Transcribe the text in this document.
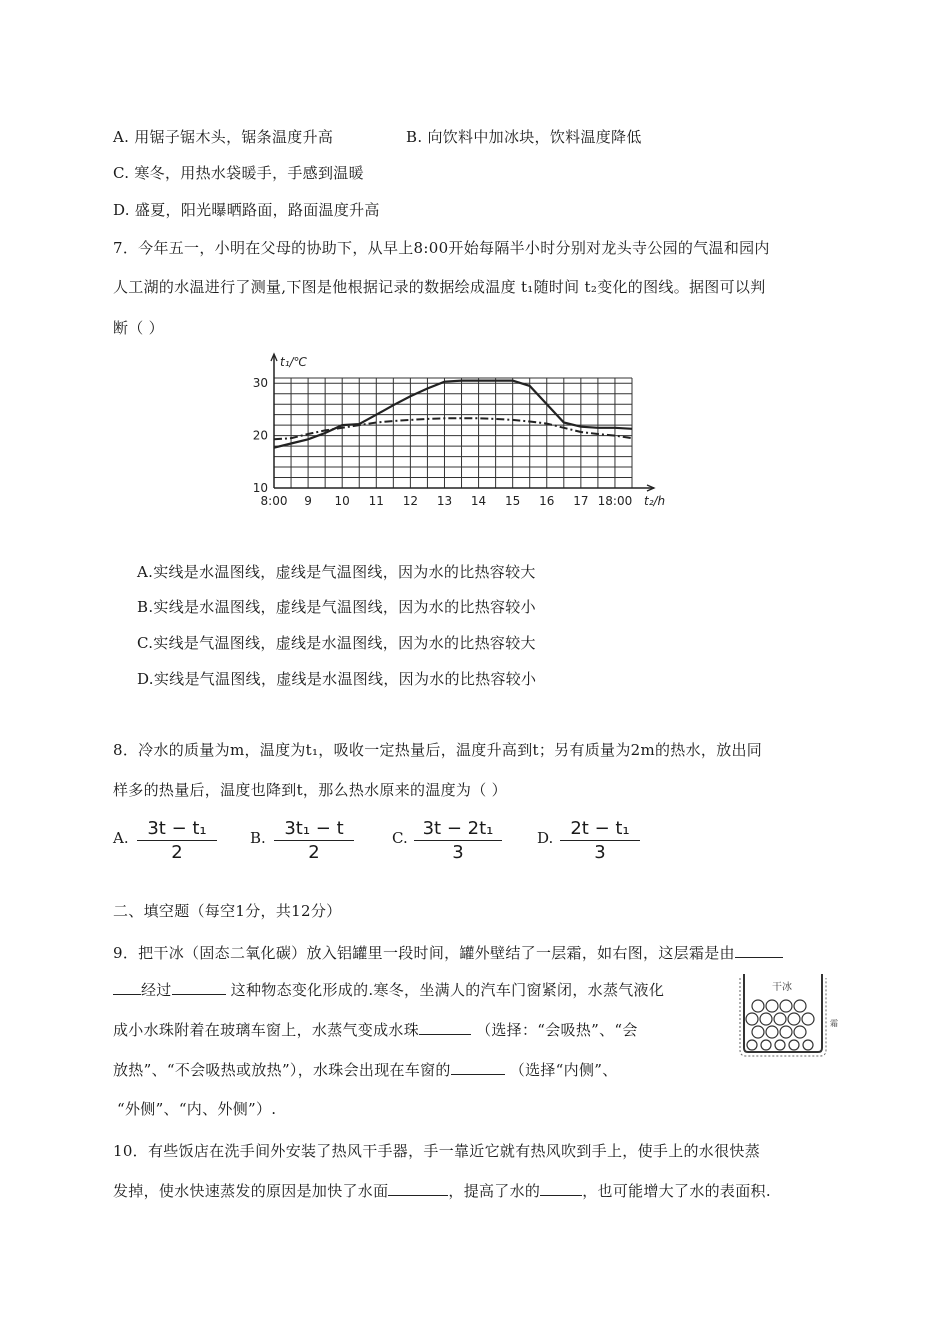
A. 用锯子锯木头，锯条温度升高	B. 向饮料中加冰块，饮料温度降低
C. 寒冬，用热水袋暖手，手感到温暖
D. 盛夏，阳光曝晒路面，路面温度升高
7．今年五一，小明在父母的协助下，从早上8:00开始每隔半小时分别对龙头寺公园的气温和园内
人工湖的水温进行了测量,下图是他根据记录的数据绘成温度 t₁随时间 t₂变化的图线。据图可以判
断（ ）
8:00 9 10 11 12 13 14 15 16 17 18:00
10
20
30
t₁/℃
t₂/h
A.实线是水温图线，虚线是气温图线，因为水的比热容较大
B.实线是水温图线，虚线是气温图线，因为水的比热容较小
C.实线是气温图线，虚线是水温图线，因为水的比热容较大
D.实线是气温图线，虚线是水温图线，因为水的比热容较小
8．冷水的质量为m，温度为t₁，吸收一定热量后，温度升高到t；另有质量为2m的热水，放出同
样多的热量后，温度也降到t，那么热水原来的温度为（ ）
A. $\frac{\text{3t − t₁}}{2} B$. $\frac{\text{3t₁ − t}}{2}$	C. $\frac{\text{3t − 2t₁}}{3} D$. $\frac{\text{2t − t₁}}{3}$
二、填空题（每空1分，共12分）
9．把干冰（固态二氧化碳）放入铝罐里一段时间，罐外壁结了一层霜，如右图，这层霜是由
经过	这种物态变化形成的.寒冬，坐满人的汽车门窗紧闭，水蒸气液化
成小水珠附着在玻璃车窗上，水蒸气变成水珠	（选择：“会吸热”、“会
放热”、“不会吸热或放热”），水珠会出现在车窗的	（选择“内侧”、
“外侧”、“内、外侧”）.
干冰
霜
10．有些饭店在洗手间外安装了热风干手器，手一靠近它就有热风吹到手上，使手上的水很快蒸
发掉，使水快速蒸发的原因是加快了水面	，提高了水的	，也可能增大了水的表面积.
